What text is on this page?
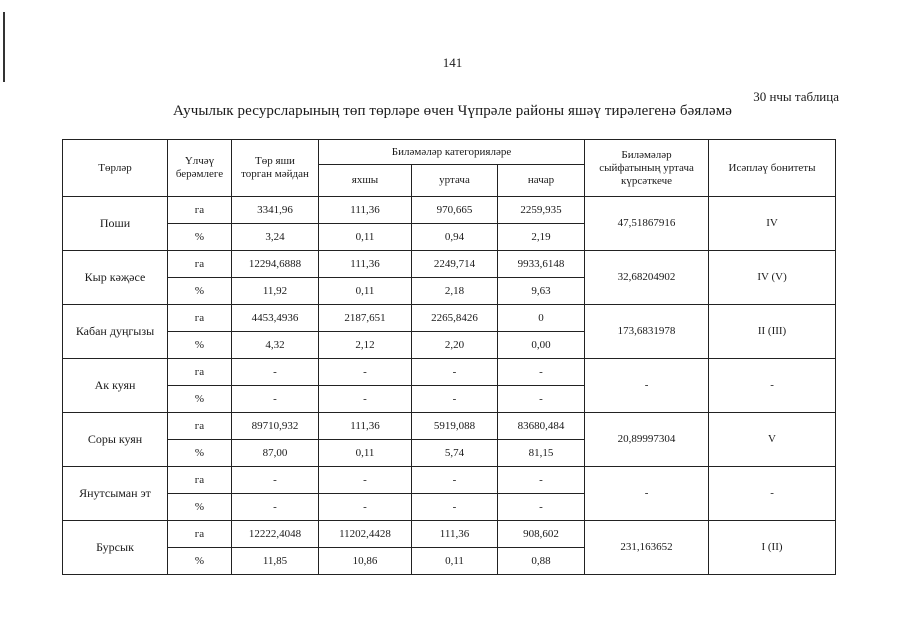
141
30 нчы таблица
Аучылык ресурсларының төп төрләре өчен Чүпрәле районы яшәү тирәлегенә бәяләмә
Төрләр	Үлчәү
берәмлеге	Төр яши
торган мәйдан	Биләмәләр категорияләре			Биләмәләр
сыйфатының уртача
күрсәткече	Исәпләү бонитеты
			яхшы	уртача	начар		
Поши	га	3341,96	111,36	970,665	2259,935	47,51867916	IV
	%	3,24	0,11	0,94	2,19		
Кыр кәҗәсе	га	12294,6888	111,36	2249,714	9933,6148	32,68204902	IV (V)
	%	11,92	0,11	2,18	9,63		
Кабан дуңгызы	га	4453,4936	2187,651	2265,8426	0	173,6831978	II (III)
	%	4,32	2,12	2,20	0,00		
Ак куян	га	-	-	-	-	-	-
	%	-	-	-	-		
Соры куян	га	89710,932	111,36	5919,088	83680,484	20,89997304	V
	%	87,00	0,11	5,74	81,15		
Янутсыман эт	га	-	-	-	-	-	-
	%	-	-	-	-		
Бурсык	га	12222,4048	11202,4428	111,36	908,602	231,163652	I (II)
	%	11,85	10,86	0,11	0,88		
